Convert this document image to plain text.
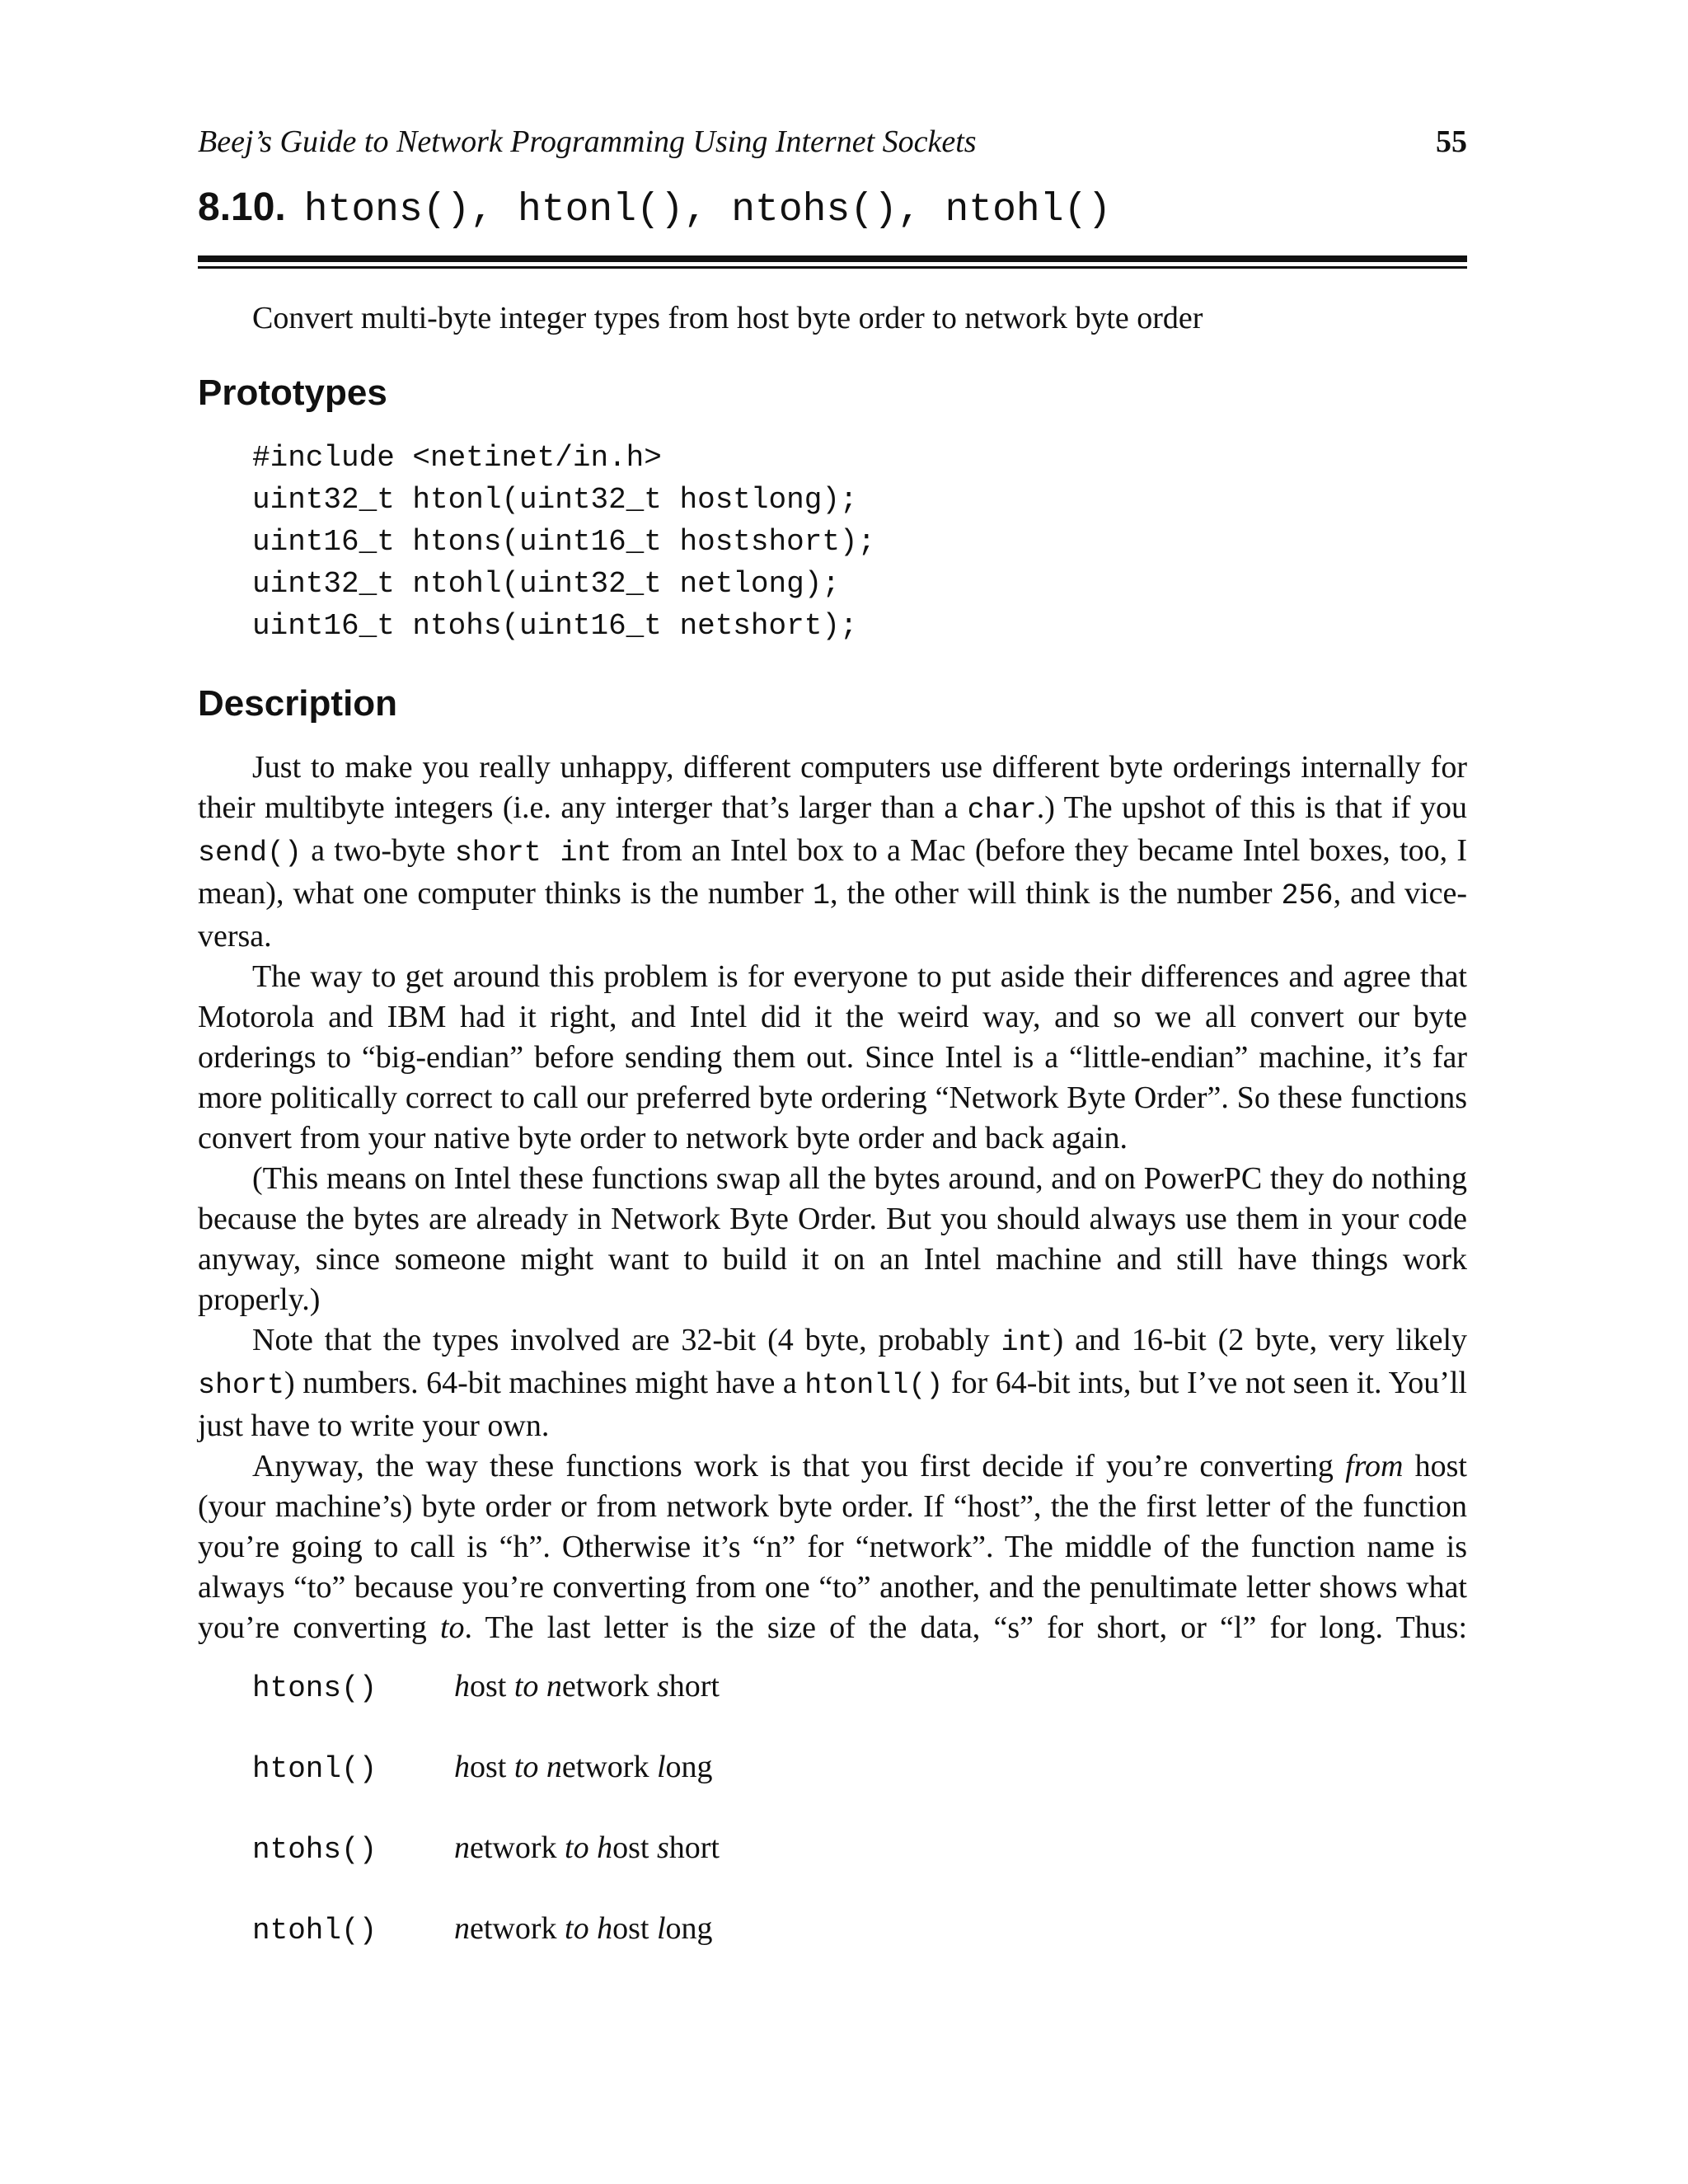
Beej’s Guide to Network Programming Using Internet Sockets	55
8.10. htons(), htonl(), ntohs(), ntohl()
Convert multi-byte integer types from host byte order to network byte order
Prototypes
#include <netinet/in.h>
uint32_t htonl(uint32_t hostlong);
uint16_t htons(uint16_t hostshort);
uint32_t ntohl(uint32_t netlong);
uint16_t ntohs(uint16_t netshort);
Description

Just to make you really unhappy, different computers use different byte orderings internally for their multibyte integers (i.e. any interger that’s larger than a char.) The upshot of this is that if you send() a two-byte short int from an Intel box to a Mac (before they became Intel boxes, too, I mean), what one computer thinks is the number 1, the other will think is the number 256, and vice-versa.

The way to get around this problem is for everyone to put aside their differences and agree that Motorola and IBM had it right, and Intel did it the weird way, and so we all convert our byte orderings to “big-endian” before sending them out. Since Intel is a “little-endian” machine, it’s far more politically correct to call our preferred byte ordering “Network Byte Order”. So these functions convert from your native byte order to network byte order and back again.

(This means on Intel these functions swap all the bytes around, and on PowerPC they do nothing because the bytes are already in Network Byte Order. But you should always use them in your code anyway, since someone might want to build it on an Intel machine and still have things work properly.)

Note that the types involved are 32-bit (4 byte, probably int) and 16-bit (2 byte, very likely short) numbers. 64-bit machines might have a htonll() for 64-bit ints, but I’ve not seen it. You’ll just have to write your own.

Anyway, the way these functions work is that you first decide if you’re converting from host (your machine’s) byte order or from network byte order. If “host”, the the first letter of the function you’re going to call is “h”. Otherwise it’s “n” for “network”. The middle of the function name is always “to” because you’re converting from one “to” another, and the penultimate letter shows what you’re converting to. The last letter is the size of the data, “s” for short, or “l” for long. Thus:

htons()	host to network short
htonl()	host to network long
ntohs()	network to host short
ntohl()	network to host long
